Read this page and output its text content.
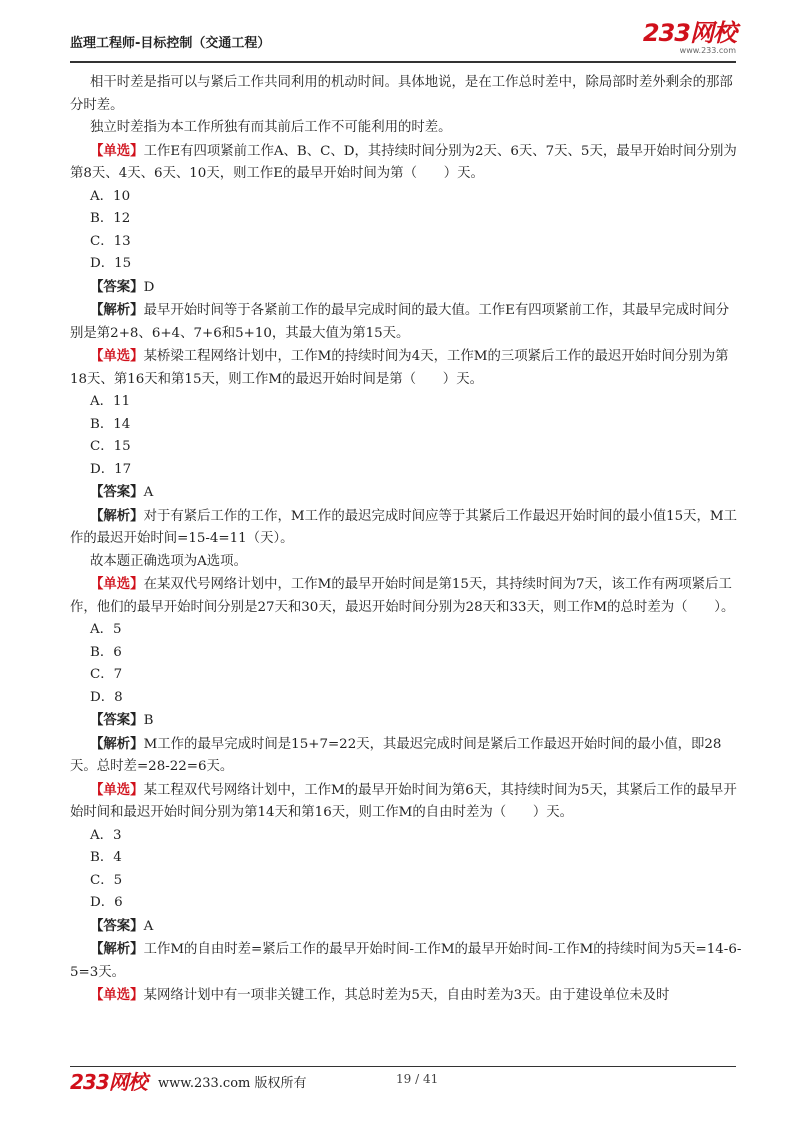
监理工程师-目标控制（交通工程）	233网校
www.233.com

相干时差是指可以与紧后工作共同利用的机动时间。具体地说，是在工作总时差中，除局部时差外剩余的那部分时差。

独立时差指为本工作所独有而其前后工作不可能利用的时差。

【单选】工作E有四项紧前工作A、B、C、D，其持续时间分别为2天、6天、7天、5天，最早开始时间分别为第8天、4天、6天、10天，则工作E的最早开始时间为第（　　）天。

A．10

B．12

C．13

D．15

【答案】D

【解析】最早开始时间等于各紧前工作的最早完成时间的最大值。工作E有四项紧前工作，其最早完成时间分别是第2+8、6+4、7+6和5+10，其最大值为第15天。

【单选】某桥梁工程网络计划中，工作M的持续时间为4天，工作M的三项紧后工作的最迟开始时间分别为第18天、第16天和第15天，则工作M的最迟开始时间是第（　　）天。

A．11

B．14

C．15

D．17

【答案】A

【解析】对于有紧后工作的工作，M工作的最迟完成时间应等于其紧后工作最迟开始时间的最小值15天，M工作的最迟开始时间=15-4=11（天）。

故本题正确选项为A选项。

【单选】在某双代号网络计划中，工作M的最早开始时间是第15天，其持续时间为7天，该工作有两项紧后工作，他们的最早开始时间分别是27天和30天，最迟开始时间分别为28天和33天，则工作M的总时差为（　　）。

A．5

B．6

C．7

D．8

【答案】B

【解析】M工作的最早完成时间是15+7=22天，其最迟完成时间是紧后工作最迟开始时间的最小值，即28天。总时差=28-22=6天。

【单选】某工程双代号网络计划中，工作M的最早开始时间为第6天，其持续时间为5天，其紧后工作的最早开始时间和最迟开始时间分别为第14天和第16天，则工作M的自由时差为（　　）天。

A．3

B．4

C．5

D．6

【答案】A

【解析】工作M的自由时差=紧后工作的最早开始时间-工作M的最早开始时间-工作M的持续时间为5天=14-6-5=3天。

【单选】某网络计划中有一项非关键工作，其总时差为5天，自由时差为3天。由于建设单位未及时

233网校 www.233.com 版权所有	19 / 41
